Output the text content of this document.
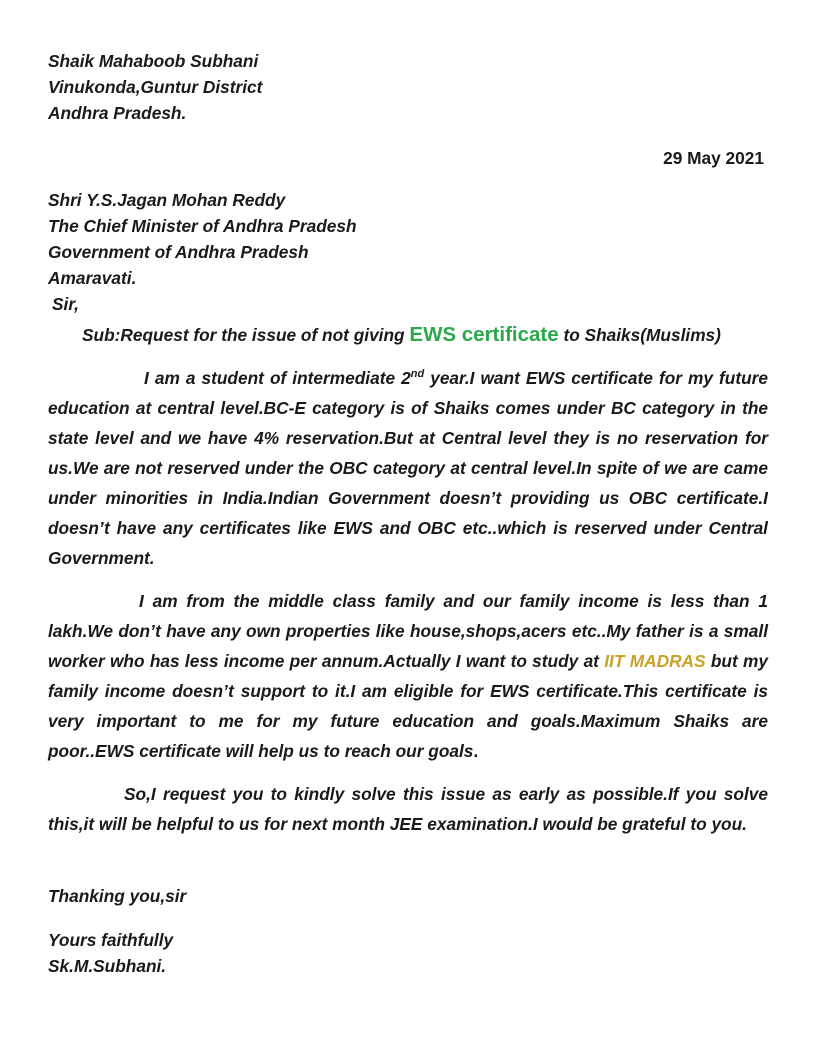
Shaik Mahaboob Subhani
Vinukonda,Guntur District
Andhra Pradesh.
29 May 2021
Shri Y.S.Jagan Mohan Reddy
The Chief Minister of Andhra Pradesh
Government of Andhra Pradesh
Amaravati.
Sir,
Sub:Request for the issue of not giving EWS certificate to Shaiks(Muslims)
I am a student of intermediate 2nd year.I want EWS certificate for my future education at central level.BC-E category is of Shaiks comes under BC category in the state level and we have 4% reservation.But at Central level they is no reservation for us.We are not reserved under the OBC category at central level.In spite of we are came under minorities in India.Indian Government doesn’t providing us OBC certificate.I doesn’t have any certificates like EWS and OBC etc..which is reserved under Central Government.
I am from the middle class family and our family income is less than 1 lakh.We don’t have any own properties like house,shops,acers etc..My father is a small worker who has less income per annum.Actually I want to study at IIT MADRAS but my family income doesn’t support to it.I am eligible for EWS certificate.This certificate is very important to me for my future education and goals.Maximum Shaiks are poor..EWS certificate will help us to reach our goals.
So,I request you to kindly solve this issue as early as possible.If you solve this,it will be helpful to us for next month JEE examination.I would be grateful to you.
Thanking you,sir
Yours faithfully
Sk.M.Subhani.
